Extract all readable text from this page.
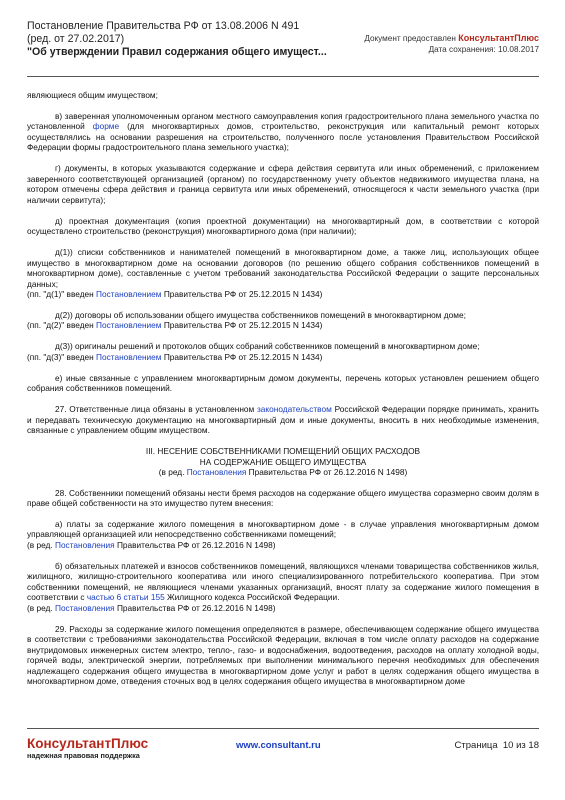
Постановление Правительства РФ от 13.08.2006 N 491
(ред. от 27.02.2017)
"Об утверждении Правил содержания общего имущест...
Документ предоставлен КонсультантПлюс
Дата сохранения: 10.08.2017

являющиеся общим имуществом;

в) заверенная уполномоченным органом местного самоуправления копия градостроительного плана земельного участка по установленной форме (для многоквартирных домов, строительство, реконструкция или капитальный ремонт которых осуществлялись на основании разрешения на строительство, полученного после установления Правительством Российской Федерации формы градостроительного плана земельного участка);

г) документы, в которых указываются содержание и сфера действия сервитута или иных обременений, с приложением заверенного соответствующей организацией (органом) по государственному учету объектов недвижимого имущества плана, на котором отмечены сфера действия и граница сервитута или иных обременений, относящегося к части земельного участка (при наличии сервитута);

д) проектная документация (копия проектной документации) на многоквартирный дом, в соответствии с которой осуществлено строительство (реконструкция) многоквартирного дома (при наличии);

д(1)) списки собственников и нанимателей помещений в многоквартирном доме, а также лиц, использующих общее имущество в многоквартирном доме на основании договоров (по решению общего собрания собственников помещений в многоквартирном доме), составленные с учетом требований законодательства Российской Федерации о защите персональных данных;

(пп. "д(1)" введен Постановлением Правительства РФ от 25.12.2015 N 1434)

д(2)) договоры об использовании общего имущества собственников помещений в многоквартирном доме;

(пп. "д(2)" введен Постановлением Правительства РФ от 25.12.2015 N 1434)

д(3)) оригиналы решений и протоколов общих собраний собственников помещений в многоквартирном доме;

(пп. "д(3)" введен Постановлением Правительства РФ от 25.12.2015 N 1434)

е) иные связанные с управлением многоквартирным домом документы, перечень которых установлен решением общего собрания собственников помещений.

27. Ответственные лица обязаны в установленном законодательством Российской Федерации порядке принимать, хранить и передавать техническую документацию на многоквартирный дом и иные документы, вносить в них необходимые изменения, связанные с управлением общим имуществом.

III. НЕСЕНИЕ СОБСТВЕННИКАМИ ПОМЕЩЕНИЙ ОБЩИХ РАСХОДОВ
НА СОДЕРЖАНИЕ ОБЩЕГО ИМУЩЕСТВА
(в ред. Постановления Правительства РФ от 26.12.2016 N 1498)

28. Собственники помещений обязаны нести бремя расходов на содержание общего имущества соразмерно своим долям в праве общей собственности на это имущество путем внесения:

а) платы за содержание жилого помещения в многоквартирном доме - в случае управления многоквартирным домом управляющей организацией или непосредственно собственниками помещений;

(в ред. Постановления Правительства РФ от 26.12.2016 N 1498)

б) обязательных платежей и взносов собственников помещений, являющихся членами товарищества собственников жилья, жилищного, жилищно-строительного кооператива или иного специализированного потребительского кооператива. При этом собственники помещений, не являющиеся членами указанных организаций, вносят плату за содержание жилого помещения в соответствии с частью 6 статьи 155 Жилищного кодекса Российской Федерации.

(в ред. Постановления Правительства РФ от 26.12.2016 N 1498)

29. Расходы за содержание жилого помещения определяются в размере, обеспечивающем содержание общего имущества в соответствии с требованиями законодательства Российской Федерации, включая в том числе оплату расходов на содержание внутридомовых инженерных систем электро, тепло-, газо- и водоснабжения, водоотведения, расходов на оплату холодной воды, горячей воды, электрической энергии, потребляемых при выполнении минимального перечня необходимых для обеспечения надлежащего содержания общего имущества в многоквартирном доме услуг и работ в целях содержания общего имущества в многоквартирном доме, отведения сточных вод в целях содержания общего имущества в многоквартирном доме

КонсультантПлюс
надежная правовая поддержка
www.consultant.ru	Страница 10 из 18
